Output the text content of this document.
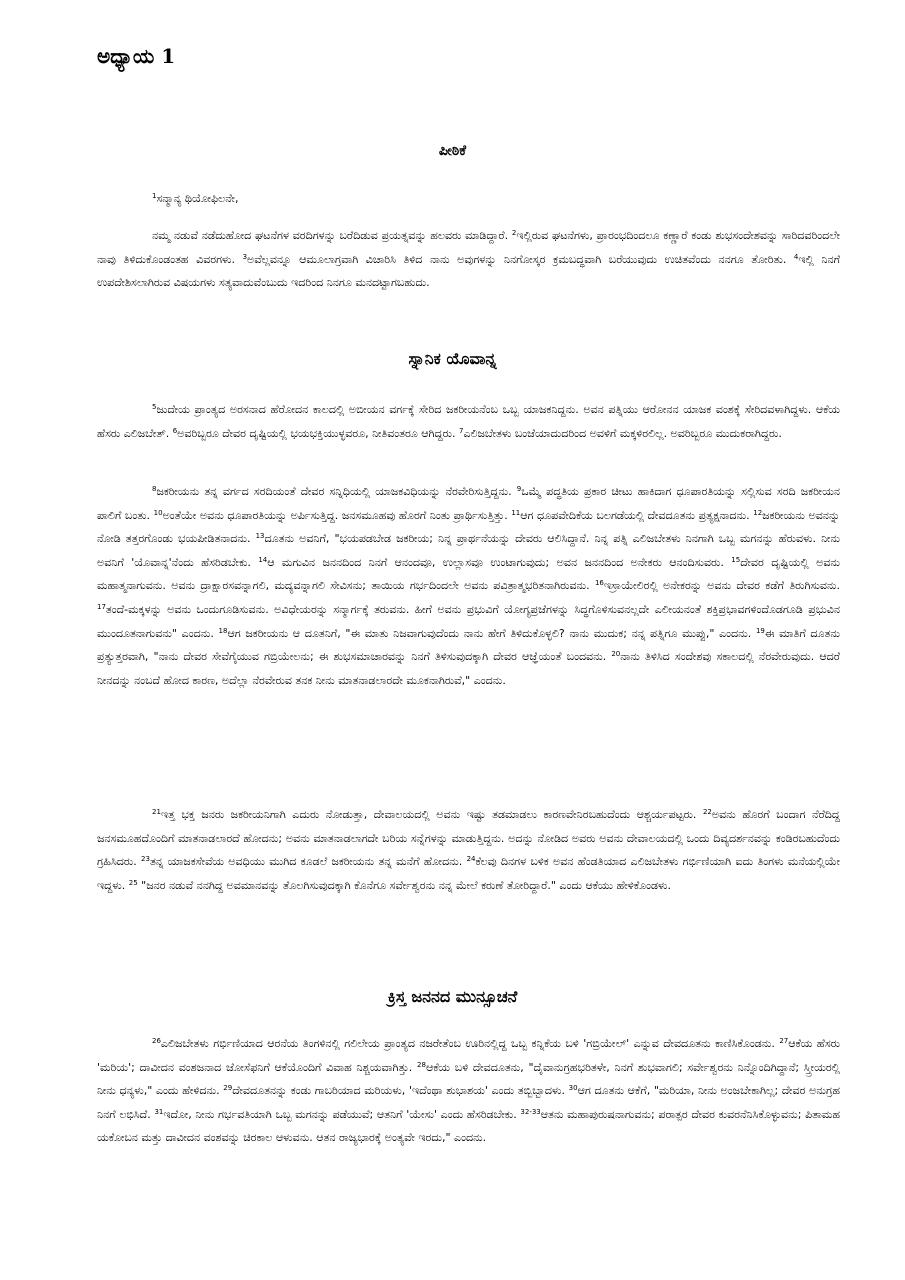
ಅಧ್ಯಾಯ 1
ಪೀಠಿಕೆ

$^1$ಸನ್ಮಾನ್ಯ ಥಿಯೋಫಿಲನೇ,

ನಮ್ಮ ನಡುವೆ ನಡೆದುಹೋದ ಘಟನೆಗಳ ವರದಿಗಳನ್ನು ಬರೆದಿಡುವ ಪ್ರಯತ್ನವನ್ನು ಹಲವರು ಮಾಡಿದ್ದಾರೆ. $^2$ಇಲ್ಲಿರುವ ಘಟನೆಗಳು, ಪ್ರಾರಂಭದಿಂದಲೂ ಕಣ್ಣಾರೆ ಕಂಡು ಶುಭಸಂದೇಶವನ್ನು ಸಾರಿದವರಿಂದಲೇ ನಾವು ತಿಳಿದುಕೊಂಡಂತಹ ವಿವರಗಳು. $^3$ಅವೆಲ್ಲವನ್ನೂ ಆಮೂಲಾಗ್ರವಾಗಿ ವಿಚಾರಿಸಿ ತಿಳಿದ ನಾನು ಅವುಗಳನ್ನು ನಿನಗೋಸ್ಕರ ಕ್ರಮಬದ್ಧವಾಗಿ ಬರೆಯುವುದು ಉಚಿತವೆಂದು ನನಗೂ ತೋರಿತು. $^4$ಇಲ್ಲಿ ನಿನಗೆ ಉಪದೇಶಿಸಲಾಗಿರುವ ವಿಷಯಗಳು ಸತ್ಯವಾದುವೆಂಬುದು ಇದರಿಂದ ನಿನಗೂ ಮನದಟ್ಟಾಗಬಹುದು.

ಸ್ನಾನಿಕ ಯೊವಾನ್ನ

$^5$ಜುದೇಯ ಪ್ರಾಂತ್ಯದ ಅರಸನಾದ ಹೆರೋದನ ಕಾಲದಲ್ಲಿ ಅಬೀಯನ ವರ್ಗಕ್ಕೆ ಸೇರಿದ ಜಕರೀಯನೆಂಬ ಒಬ್ಬ ಯಾಜಕನಿದ್ದನು. ಅವನ ಪತ್ನಿಯು ಆರೋನನ ಯಾಜಕ ವಂಶಕ್ಕೆ ಸೇರಿದವಳಾಗಿದ್ದಳು. ಆಕೆಯ ಹೆಸರು ಎಲಿಜಬೇತ್. $^6$ಅವರಿಬ್ಬರೂ ದೇವರ ದೃಷ್ಟಿಯಲ್ಲಿ ಭಯಭಕ್ತಿಯುಳ್ಳವರೂ, ನೀತಿವಂತರೂ ಆಗಿದ್ದರು. $^7$ಎಲಿಜಬೇತಳು ಬಂಜೆಯಾದುದರಿಂದ ಅವಳಿಗೆ ಮಕ್ಕಳಿರಲಿಲ್ಲ. ಅವರಿಬ್ಬರೂ ಮುದುಕರಾಗಿದ್ದರು.

$^8$ಜಕರೀಯನು ತನ್ನ ವರ್ಗದ ಸರದಿಯಂತೆ ದೇವರ ಸನ್ನಿಧಿಯಲ್ಲಿ ಯಾಜಕವಿಧಿಯನ್ನು ನೆರವೇರಿಸುತ್ತಿದ್ದನು. $^9$ಒಮ್ಮೆ ಪದ್ಧತಿಯ ಪ್ರಕಾರ ಚೀಟು ಹಾಕಿದಾಗ ಧೂಪಾರತಿಯನ್ನು ಸಲ್ಲಿಸುವ ಸರದಿ ಜಕರೀಯನ ಪಾಲಿಗೆ ಬಂತು. $^{10}$ಅಂತೆಯೇ ಅವನು ಧೂಪಾರತಿಯನ್ನು ಅರ್ಪಿಸುತ್ತಿದ್ದ. ಜನಸಮೂಹವು ಹೊರಗೆ ನಿಂತು ಪ್ರಾರ್ಥಿಸುತ್ತಿತ್ತು. $^{11}$ಆಗ ಧೂಪವೇದಿಕೆಯ ಬಲಗಡೆಯಲ್ಲಿ ದೇವದೂತನು ಪ್ರತ್ಯಕ್ಷನಾದನು. $^{12}$ಜಕರೀಯನು ಅವನನ್ನು ನೋಡಿ ತತ್ತರಗೊಂಡು ಭಯಪೀಡಿತನಾದನು. $^{13}$ದೂತನು ಅವನಿಗೆ, "ಭಯಪಡಬೇಡ ಜಕರೀಯ; ನಿನ್ನ ಪ್ರಾರ್ಥನೆಯನ್ನು ದೇವರು ಆಲಿಸಿದ್ದಾನೆ. ನಿನ್ನ ಪತ್ನಿ ಎಲಿಜಬೇತಳು ನಿನಗಾಗಿ ಒಬ್ಬ ಮಗನನ್ನು ಹೆರುವಳು. ನೀನು ಅವನಿಗೆ 'ಯೊವಾನ್ನ'ನೆಂದು ಹೆಸರಿಡಬೇಕು. $^{14}$ಆ ಮಗುವಿನ ಜನನದಿಂದ ನಿನಗೆ ಆನಂದವೂ, ಉಲ್ಲಾಸವೂ ಉಂಟಾಗುವುದು; ಅವನ ಜನನದಿಂದ ಅನೇಕರು ಆನಂದಿಸುವರು. $^{15}$ದೇವರ ದೃಷ್ಟಿಯಲ್ಲಿ ಅವನು ಮಹಾತ್ಮನಾಗುವನು. ಅವನು ದ್ರಾಕ್ಷಾರಸವನ್ನಾಗಲಿ, ಮದ್ಯವನ್ನಾಗಲಿ ಸೇವಿಸನು; ತಾಯಿಯ ಗರ್ಭದಿಂದಲೇ ಅವನು ಪವಿತ್ರಾತ್ಮಭರಿತನಾಗಿರುವನು. $^{16}$ಇಸ್ರಾಯೇಲಿರಲ್ಲಿ ಅನೇಕರನ್ನು ಅವನು ದೇವರ ಕಡೆಗೆ ತಿರುಗಿಸುವನು. $^{17}$ತಂದೆ-ಮಕ್ಕಳನ್ನು ಅವನು ಒಂದುಗೂಡಿಸುವನು. ಅವಿಧೇಯರನ್ನು ಸನ್ಮಾರ್ಗಕ್ಕೆ ತರುವನು. ಹೀಗೆ ಅವನು ಪ್ರಭುವಿಗೆ ಯೋಗ್ಯಪ್ರಜೆಗಳನ್ನು ಸಿದ್ಧಗೊಳಿಸುವನಲ್ಲದೇ ಎಲೀಯನಂತೆ ಶಕ್ತಿಪ್ರಭಾವಗಳಿಂದೊಡಗೂಡಿ ಪ್ರಭುವಿನ ಮುಂದೂತನಾಗುವನು" ಎಂದನು. $^{18}$ಆಗ ಜಕರೀಯನು ಆ ದೂತನಿಗೆ, "ಈ ಮಾತು ನಿಜವಾಗುವುದೆಂದು ನಾನು ಹೇಗೆ ತಿಳಿದುಕೊಳ್ಳಲಿ? ನಾನು ಮುದುಕ; ನನ್ನ ಪತ್ನಿಗೂ ಮುಪ್ಪು," ಎಂದನು. $^{19}$ಈ ಮಾತಿಗೆ ದೂತನು ಪ್ರತ್ಯುತ್ತರವಾಗಿ, "ನಾನು ದೇವರ ಸೇವೆಗೈಯುವ ಗಬ್ರಿಯೇಲನು; ಈ ಶುಭಸಮಾಚಾರವನ್ನು ನಿನಗೆ ತಿಳಿಸುವುದಕ್ಕಾಗಿ ದೇವರ ಆಜ್ಞೆಯಂತೆ ಬಂದವನು. $^{20}$ನಾನು ತಿಳಿಸಿದ ಸಂದೇಶವು ಸಕಾಲದಲ್ಲಿ ನೆರವೇರುವುದು. ಆದರೆ ನೀನದನ್ನು ನಂಬದೆ ಹೋದ ಕಾರಣ, ಅದೆಲ್ಲಾ ನೆರವೇರುವ ತನಕ ನೀನು ಮಾತನಾಡಲಾರದೇ ಮೂಕನಾಗಿರುವೆ," ಎಂದನು.

$^{21}$ಇತ್ತ ಭಕ್ತ ಜನರು ಜಕರೀಯನಿಗಾಗಿ ಎದುರು ನೋಡುತ್ತಾ, ದೇವಾಲಯದಲ್ಲಿ ಅವನು ಇಷ್ಟು ತಡಮಾಡಲು ಕಾರಣವೇನಿರಬಹುದೆಂದು ಆಶ್ಚರ್ಯಪಟ್ಟರು. $^{22}$ಅವನು ಹೊರಗೆ ಬಂದಾಗ ನೆರೆದಿದ್ದ ಜನಸಮೂಹದೊಂದಿಗೆ ಮಾತನಾಡಲಾರದೆ ಹೋದನು; ಅವನು ಮಾತನಾಡಲಾಗದೇ ಬರಿಯ ಸನ್ನೆಗಳನ್ನು ಮಾಡುತ್ತಿದ್ದನು. ಅದನ್ನು ನೋಡಿದ ಅವರು ಅವನು ದೇವಾಲಯದಲ್ಲಿ ಒಂದು ದಿವ್ಯದರ್ಶನವನ್ನು ಕಂಡಿರಬಹುದೆಂದು ಗ್ರಹಿಸಿದರು. $^{23}$ತನ್ನ ಯಾಜಕಸೇವೆಯ ಅವಧಿಯು ಮುಗಿದ ಕೂಡಲೆ ಜಕರೀಯನು ತನ್ನ ಮನೆಗೆ ಹೋದನು. $^{24}$ಕೆಲವು ದಿನಗಳ ಬಳಿಕ ಅವನ ಹೆಂಡತಿಯಾದ ಎಲಿಜಬೇತಳು ಗರ್ಭಿಣಿಯಾಗಿ ಐದು ತಿಂಗಳು ಮನೆಯಲ್ಲಿಯೇ ಇದ್ದಳು. $^{25}$ "ಜನರ ನಡುವೆ ನನಗಿದ್ದ ಅವಮಾನವನ್ನು ತೊಲಗಿಸುವುದಕ್ಕಾಗಿ ಕೊನೆಗೂ ಸರ್ವೇಶ್ವರನು ನನ್ನ ಮೇಲೆ ಕರುಣೆ ತೋರಿದ್ದಾರೆ." ಎಂದು ಆಕೆಯು ಹೇಳಿಕೊಂಡಳು.

ಕ್ರಿಸ್ತ ಜನನದ ಮುನ್ಸೂಚನೆ

$^{26}$ಎಲಿಜಬೇತಳು ಗರ್ಭಿಣಿಯಾದ ಆರನೆಯ ತಿಂಗಳಿನಲ್ಲಿ ಗಲಿಲೇಯ ಪ್ರಾಂತ್ಯದ ನಜರೇತೆಂಬ ಊರಿನಲ್ಲಿದ್ದ ಒಬ್ಬ ಕನ್ನಿಕೆಯ ಬಳಿ 'ಗಬ್ರಿಯೇಲ್' ಎನ್ನುವ ದೇವದೂತನು ಕಾಣಿಸಿಕೊಂಡನು. $^{27}$ಆಕೆಯ ಹೆಸರು 'ಮರಿಯ'; ದಾವೀದನ ವಂಶಜನಾದ ಜೋಸೆಫನಿಗೆ ಆಕೆಯೊಂದಿಗೆ ವಿವಾಹ ನಿಶ್ಚಯವಾಗಿತ್ತು. $^{28}$ಆಕೆಯ ಬಳಿ ದೇವದೂತನು, "ದೈವಾನುಗ್ರಹಭರಿತಳೇ, ನಿನಗೆ ಶುಭವಾಗಲಿ; ಸರ್ವೇಶ್ವರನು ನಿನ್ನೊಂದಿಗಿದ್ದಾನೆ; ಸ್ತ್ರೀಯರಲ್ಲಿ ನೀನು ಧನ್ಯಳು," ಎಂದು ಹೇಳಿದನು. $^{29}$ದೇವದೂತನನ್ನು ಕಂಡು ಗಾಬರಿಯಾದ ಮರಿಯಳು, 'ಇದೆಂಥಾ ಶುಭಾಶಯ' ಎಂದು ತಬ್ಬಿಬ್ಬಾದಳು. $^{30}$ಆಗ ದೂತನು ಆಕೆಗೆ, "ಮರಿಯಾ, ನೀನು ಅಂಜಬೇಕಾಗಿಲ್ಲ; ದೇವರ ಅನುಗ್ರಹ ನಿನಗೆ ಲಭಿಸಿದೆ. $^{31}$ಇದೋ, ನೀನು ಗರ್ಭವತಿಯಾಗಿ ಒಬ್ಬ ಮಗನನ್ನು ಪಡೆಯುವೆ; ಆತನಿಗೆ 'ಯೇಸು' ಎಂದು ಹೆಸರಿಡಬೇಕು. $^{32-33}$ಆತನು ಮಹಾಪುರುಷನಾಗುವನು; ಪರಾತ್ಪರ ದೇವರ ಕುವರನೆನಿಸಿಕೊಳ್ಳುವನು; ಪಿತಾಮಹ ಯಕೋಬನ ಮತ್ತು ದಾವೀದನ ವಂಶವನ್ನು ಚಿರಕಾಲ ಆಳುವನು. ಆತನ ರಾಜ್ಯಭಾರಕ್ಕೆ ಅಂತ್ಯವೇ ಇರದು," ಎಂದನು.
